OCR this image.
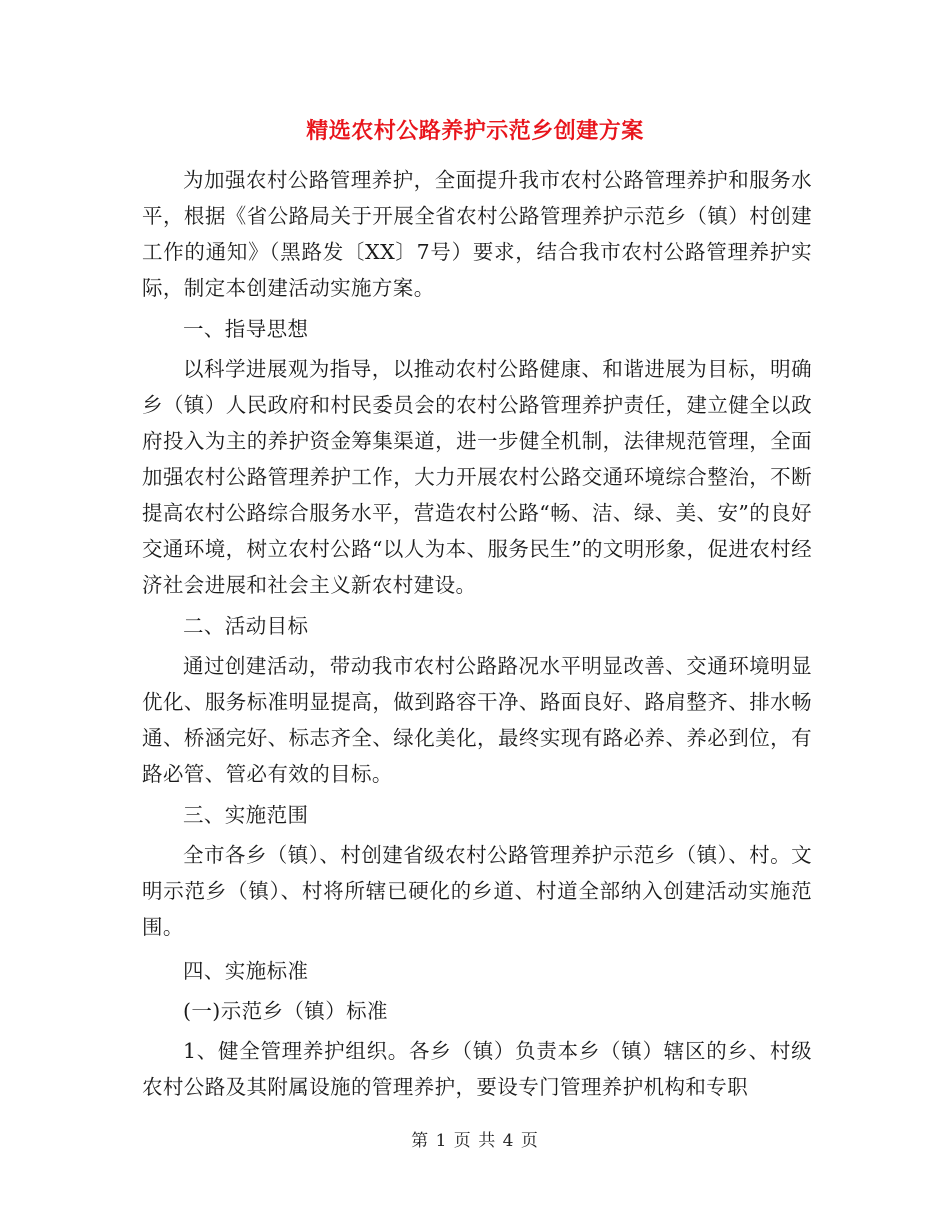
精选农村公路养护示范乡创建方案

为加强农村公路管理养护，全面提升我市农村公路管理养护和服务水平，根据《省公路局关于开展全省农村公路管理养护示范乡（镇）村创建工作的通知》（黑路发〔XX〕7号）要求，结合我市农村公路管理养护实际，制定本创建活动实施方案。

一、指导思想

以科学进展观为指导，以推动农村公路健康、和谐进展为目标，明确乡（镇）人民政府和村民委员会的农村公路管理养护责任，建立健全以政府投入为主的养护资金筹集渠道，进一步健全机制，法律规范管理，全面加强农村公路管理养护工作，大力开展农村公路交通环境综合整治，不断提高农村公路综合服务水平，营造农村公路“畅、洁、绿、美、安”的良好交通环境，树立农村公路“以人为本、服务民生”的文明形象，促进农村经济社会进展和社会主义新农村建设。

二、活动目标

通过创建活动，带动我市农村公路路况水平明显改善、交通环境明显优化、服务标准明显提高，做到路容干净、路面良好、路肩整齐、排水畅通、桥涵完好、标志齐全、绿化美化，最终实现有路必养、养必到位，有路必管、管必有效的目标。

三、实施范围

全市各乡（镇）、村创建省级农村公路管理养护示范乡（镇）、村。文明示范乡（镇）、村将所辖已硬化的乡道、村道全部纳入创建活动实施范围。

四、实施标准

(一)示范乡（镇）标准

1、健全管理养护组织。各乡（镇）负责本乡（镇）辖区的乡、村级农村公路及其附属设施的管理养护，要设专门管理养护机构和专职

第 1 页 共 4 页
